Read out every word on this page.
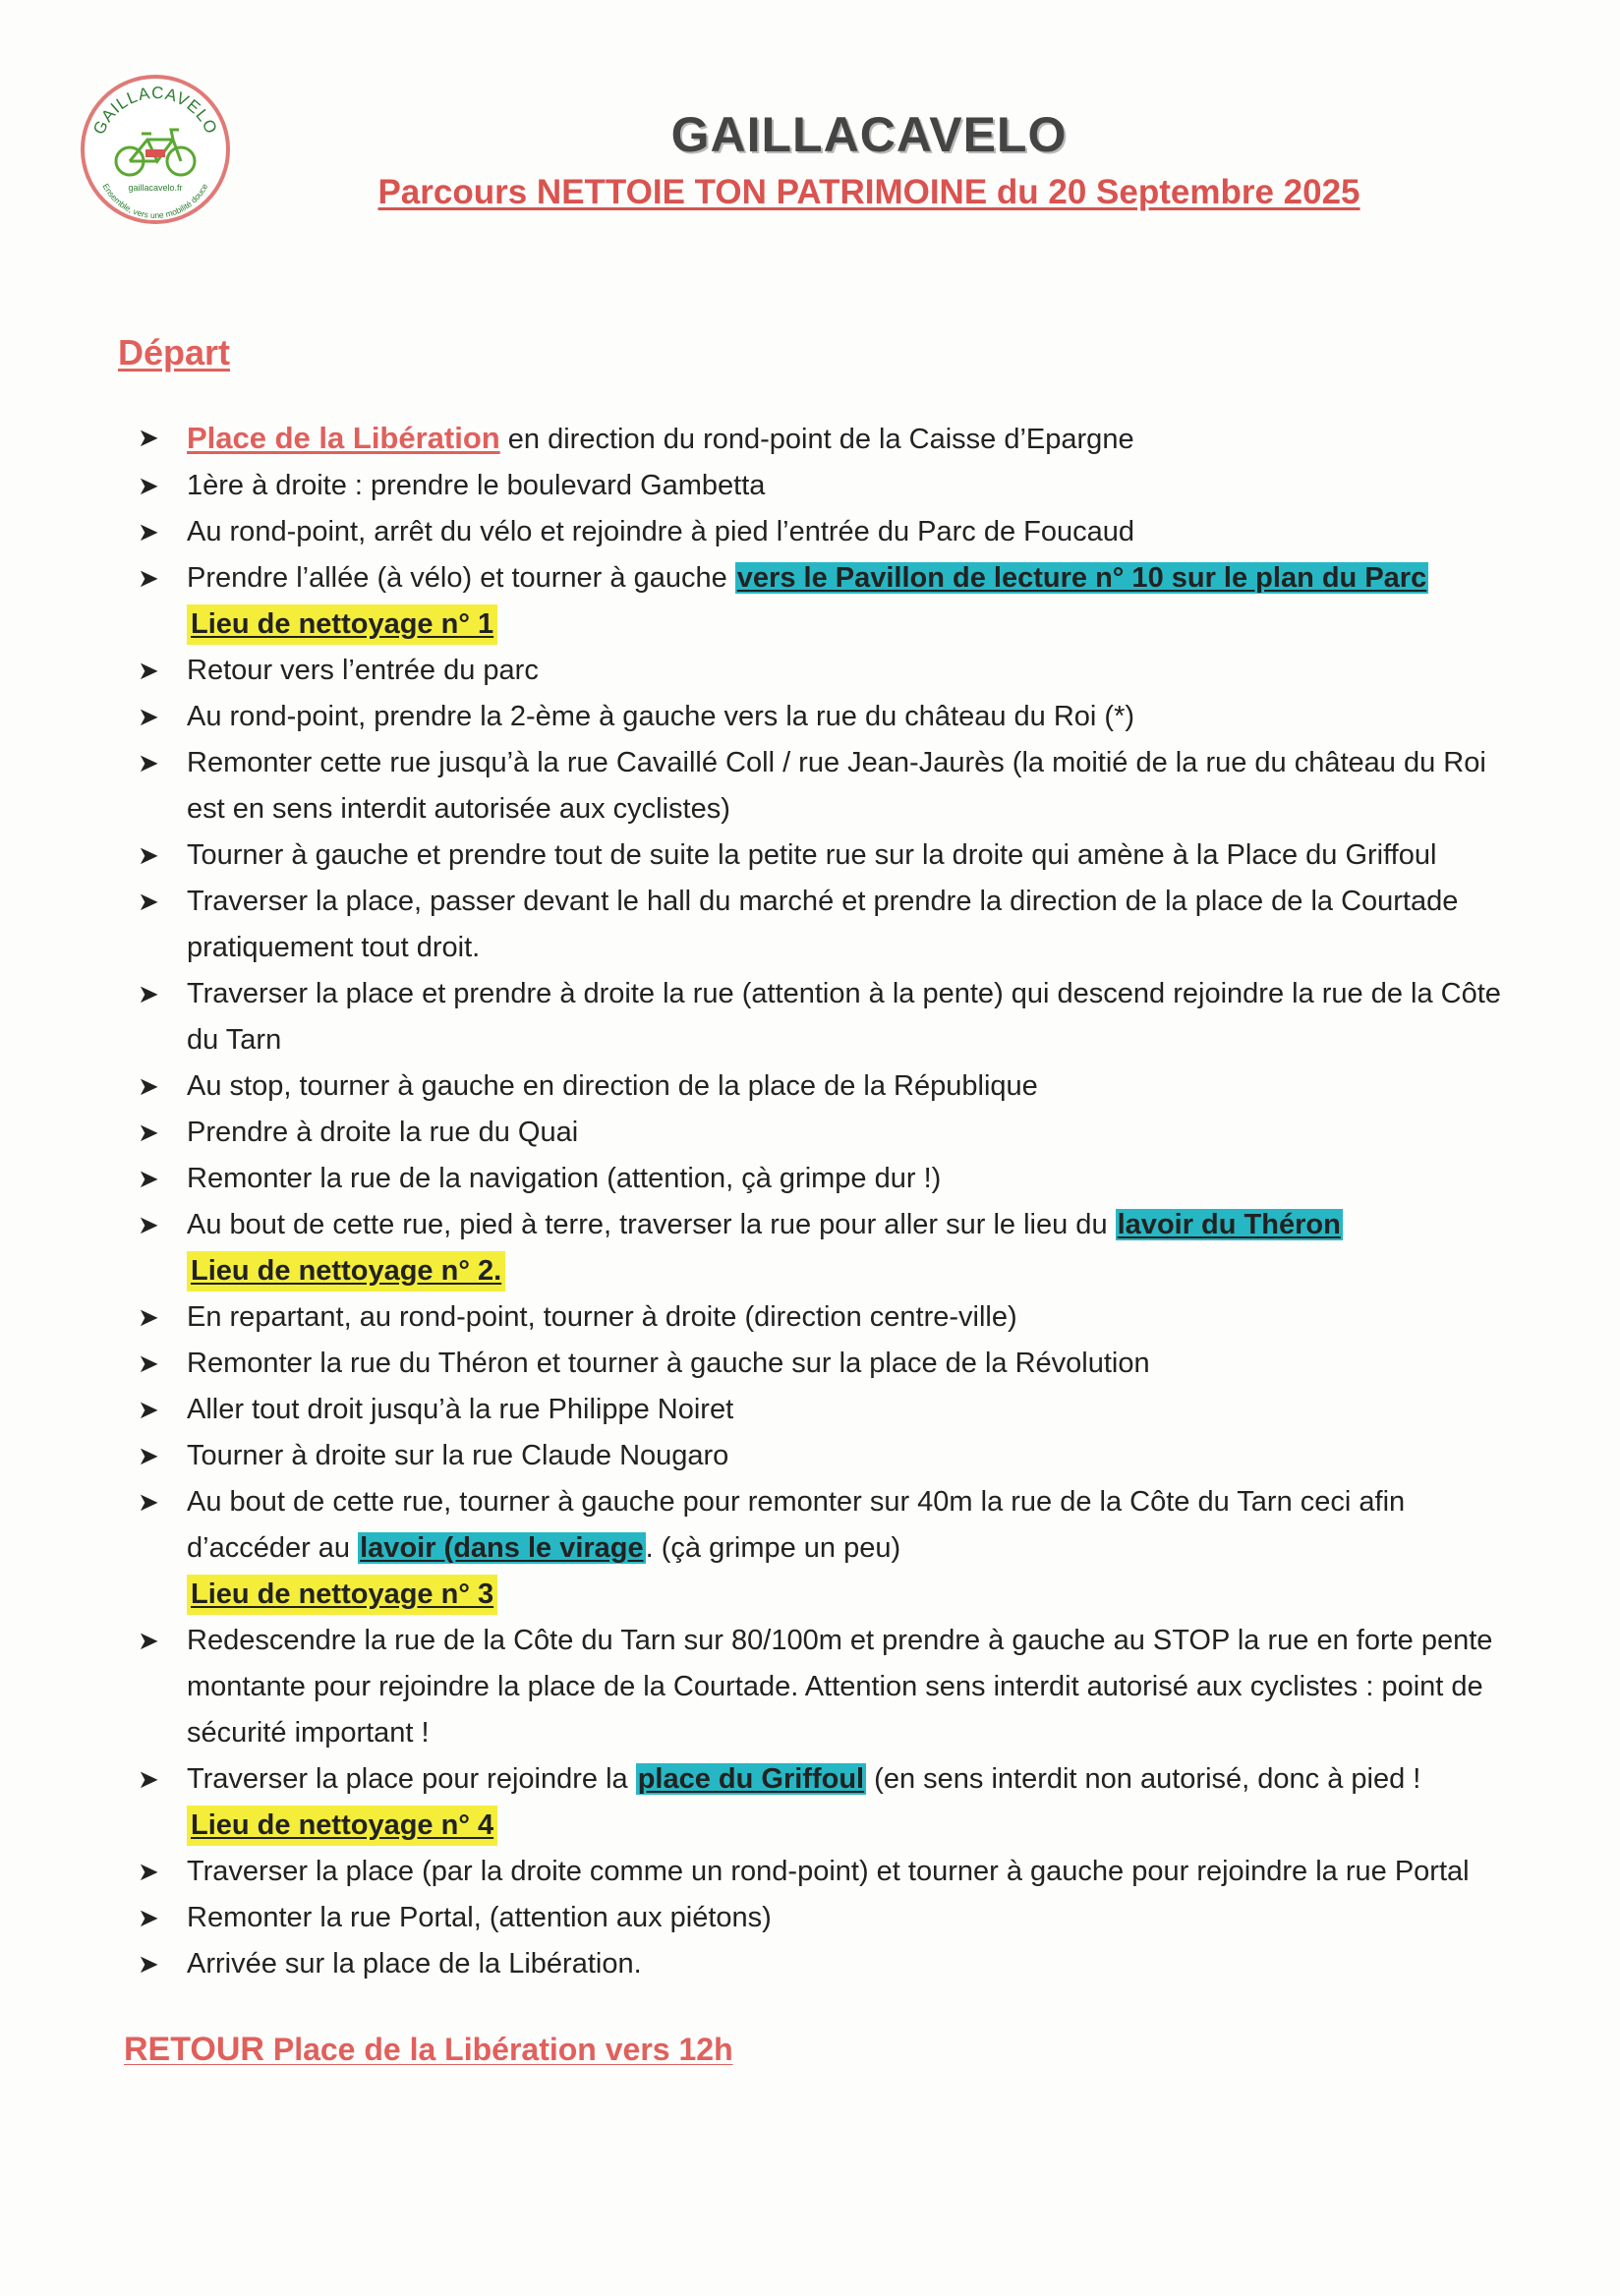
GAILLACAVELO
Ensemble, vers une mobilité douce
gaillacavelo.fr
GAILLACAVELO
Parcours NETTOIE TON PATRIMOINE du 20 Septembre 2025
Départ
➤ Place de la Libération en direction du rond-point de la Caisse d’Epargne
➤ 1ère à droite : prendre le boulevard Gambetta
➤ Au rond-point, arrêt du vélo et rejoindre à pied l’entrée du Parc de Foucaud
➤ Prendre l’allée (à vélo) et tourner à gauche vers le Pavillon de lecture n° 10 sur le plan du Parc
Lieu de nettoyage n° 1
➤ Retour vers l’entrée du parc
➤ Au rond-point, prendre la 2-ème à gauche vers la rue du château du Roi (*)
➤ Remonter cette rue jusqu’à la rue Cavaillé Coll / rue Jean-Jaurès (la moitié de la rue du château du Roi est en sens interdit autorisée aux cyclistes)
➤ Tourner à gauche et prendre tout de suite la petite rue sur la droite qui amène à la Place du Griffoul
➤ Traverser la place, passer devant le hall du marché et prendre la direction de la place de la Courtade pratiquement tout droit.
➤ Traverser la place et prendre à droite la rue (attention à la pente) qui descend rejoindre la rue de la Côte du Tarn
➤ Au stop, tourner à gauche en direction de la place de la République
➤ Prendre à droite la rue du Quai
➤ Remonter la rue de la navigation (attention, çà grimpe dur !)
➤ Au bout de cette rue, pied à terre, traverser la rue pour aller sur le lieu du lavoir du Théron
Lieu de nettoyage n° 2.
➤ En repartant, au rond-point, tourner à droite (direction centre-ville)
➤ Remonter la rue du Théron et tourner à gauche sur la place de la Révolution
➤ Aller tout droit jusqu’à la rue Philippe Noiret
➤ Tourner à droite sur la rue Claude Nougaro
➤ Au bout de cette rue, tourner à gauche pour remonter sur 40m la rue de la Côte du Tarn ceci afin d’accéder au lavoir (dans le virage. (çà grimpe un peu)
Lieu de nettoyage n° 3
➤ Redescendre la rue de la Côte du Tarn sur 80/100m et prendre à gauche au STOP la rue en forte pente montante pour rejoindre la place de la Courtade. Attention sens interdit autorisé aux cyclistes : point de sécurité important !
➤ Traverser la place pour rejoindre la place du Griffoul (en sens interdit non autorisé, donc à pied !
Lieu de nettoyage n° 4
➤ Traverser la place (par la droite comme un rond-point) et tourner à gauche pour rejoindre la rue Portal
➤ Remonter la rue Portal, (attention aux piétons)
➤ Arrivée sur la place de la Libération.
RETOUR Place de la Libération vers 12h
